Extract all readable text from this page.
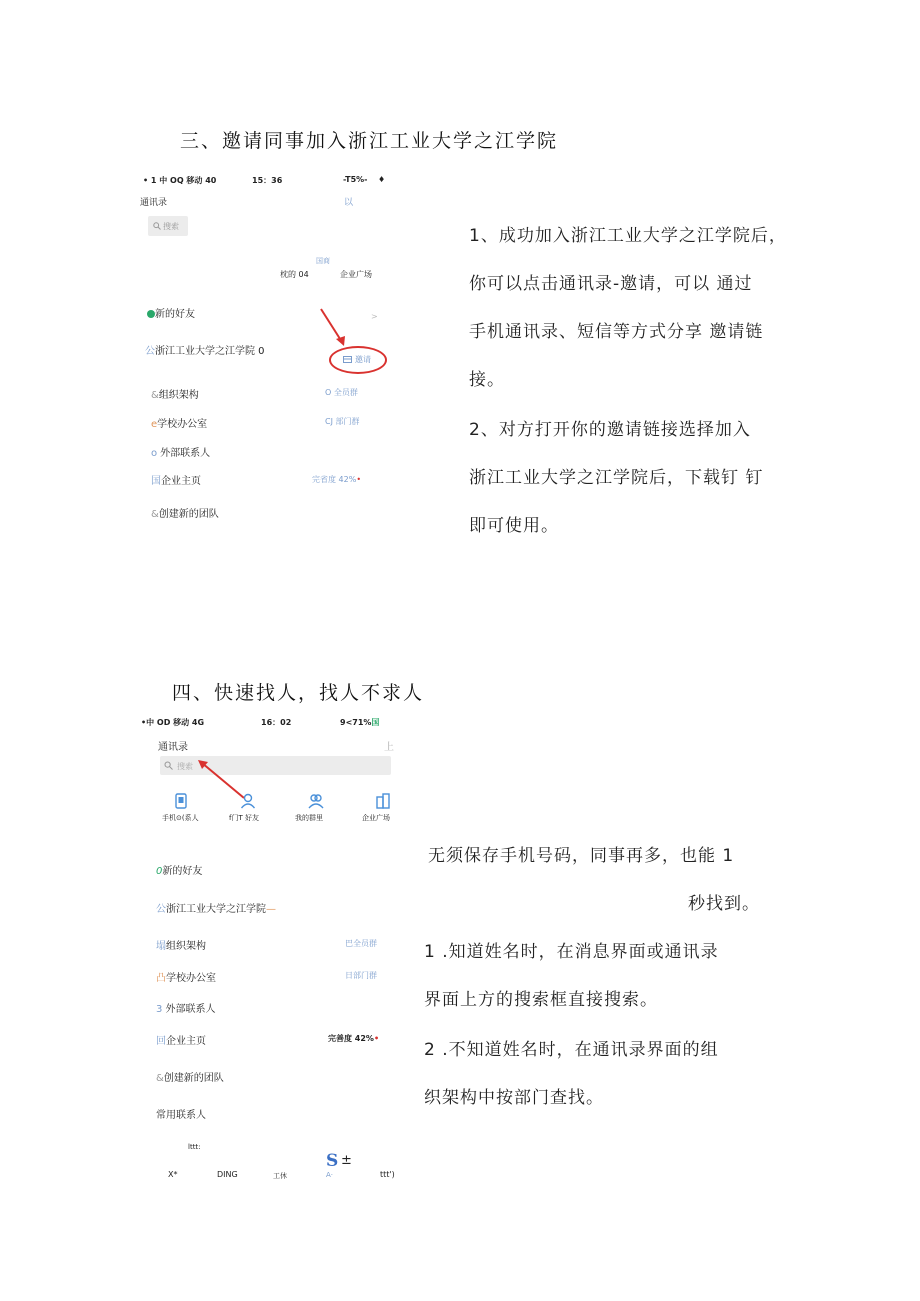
三、邀请同事加入浙江工业大学之江学院
• 1 中 OQ 移动 40	15：36	-T5%- ♦
通讯录	以
搜索
国商
枕的 04	企业广场
新的好友	>
公浙江工业大学之江学院 0
邀请
&组织架构	O 全员群
e学校办公室	CJ 部门群
o 外部联系人
国企业主页	完省度 42%•
&创建新的团队
1、成功加入浙江工业大学之江学院后，
你可以点击通讯录-邀请，可以 通过
手机通讯录、短信等方式分享 邀请链
接。
2、对方打开你的邀请链接选择加入
浙江工业大学之江学院后，下载钉 钉
即可使用。
四、快速找人，找人不求人
•中 OD 移动 4G	16：02	9<71%国
通讯录	上
搜索
手机⊙(系人	f门T 好友	我的群里	企业广场
0新的好友
公浙江工业大学之江学院—
塌组织架构	巴全员群
凸学校办公室	日部门群
3 外部联系人
回企业主页	完善度 42%•
&创建新的团队
常用联系人
lttt:
S ±
X*	DING	工休	A·	ttt')
无须保存手机号码，同事再多，也能 1
秒找到。
1 .知道姓名时，在消息界面或通讯录
界面上方的搜索框直接搜索。
2 .不知道姓名时，在通讯录界面的组
织架构中按部门查找。
